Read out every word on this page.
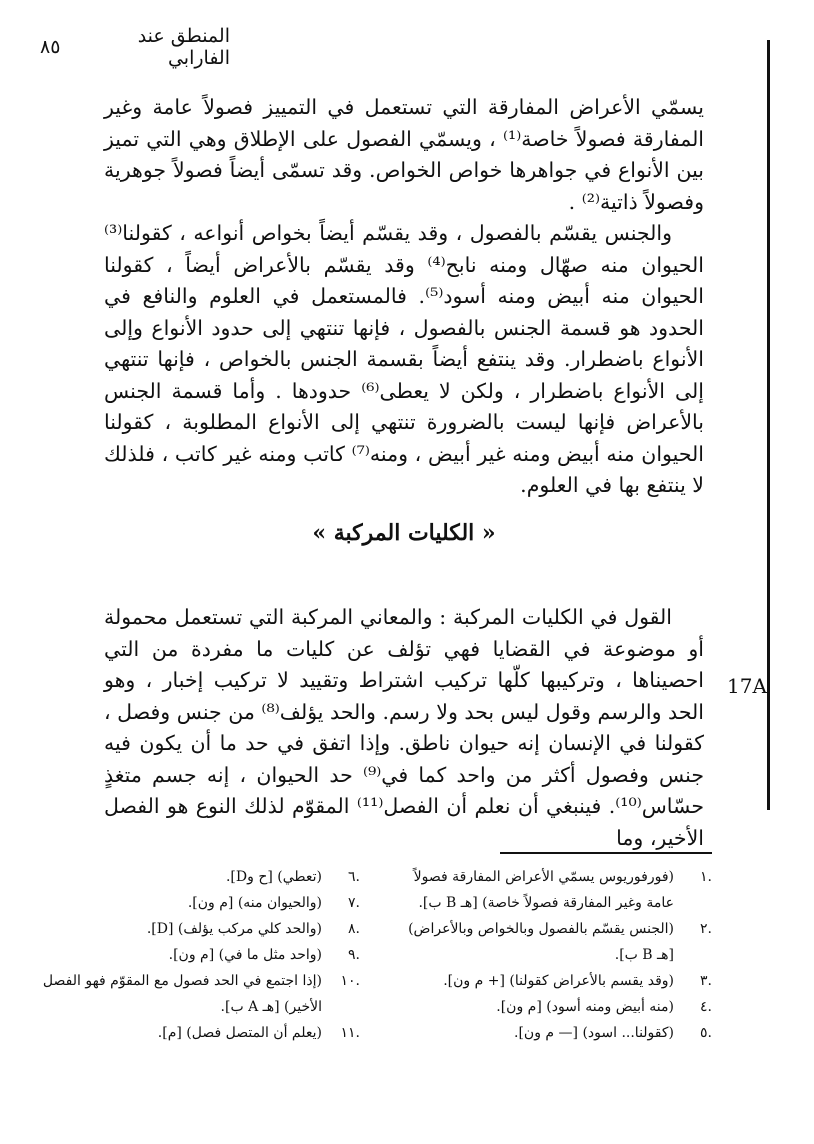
المنطق عند الفارابي
٨٥

يسمّي الأعراض المفارقة التي تستعمل في التمييز فصولاً عامة وغير المفارقة فصولاً خاصة⁽¹⁾ ، ويسمّي الفصول على الإطلاق وهي التي تميز بين الأنواع في جواهرها خواص الخواص. وقد تسمّى أيضاً فصولاً جوهرية وفصولاً ذاتية⁽²⁾ .

والجنس يقسّم بالفصول ، وقد يقسّم أيضاً بخواص أنواعه ، كقولنا⁽³⁾ الحيوان منه صهّال ومنه نابح⁽⁴⁾ وقد يقسّم بالأعراض أيضاً ، كقولنا الحيوان منه أبيض ومنه أسود⁽⁵⁾. فالمستعمل في العلوم والنافع في الحدود هو قسمة الجنس بالفصول ، فإنها تنتهي إلى حدود الأنواع وإلى الأنواع باضطرار. وقد ينتفع أيضاً بقسمة الجنس بالخواص ، فإنها تنتهي إلى الأنواع باضطرار ، ولكن لا يعطى⁽⁶⁾ حدودها . وأما قسمة الجنس بالأعراض فإنها ليست بالضرورة تنتهي إلى الأنواع المطلوبة ، كقولنا الحيوان منه أبيض ومنه غير أبيض ، ومنه⁽⁷⁾ كاتب ومنه غير كاتب ، فلذلك لا ينتفع بها في العلوم.

« الكليات المركبة »

القول في الكليات المركبة : والمعاني المركبة التي تستعمل محمولة أو موضوعة في القضايا فهي تؤلف عن كليات ما مفردة من التي احصيناها ، وتركيبها كلّها تركيب اشتراط وتقييد لا تركيب إخبار ، وهو الحد والرسم وقول ليس بحد ولا رسم. والحد يؤلف⁽⁸⁾ من جنس وفصل ، كقولنا في الإنسان إنه حيوان ناطق. وإذا اتفق في حد ما أن يكون فيه جنس وفصول أكثر من واحد كما في⁽⁹⁾ حد الحيوان ، إنه جسم متغذٍ حسّاس⁽¹⁰⁾. فينبغي أن نعلم أن الفصل⁽¹¹⁾ المقوّم لذلك النوع هو الفصل الأخير، وما

17A
.١
(فورفوريوس يسمّي الأعراض المفارقة فصولاً عامة وغير المفارقة فصولاً خاصة) [هـ B ب].
.٢
(الجنس يقسّم بالفصول وبالخواص وبالأعراض) [هـ B ب].
.٣
(وقد يقسم بالأعراض كقولنا) [+ م ون].
.٤
(منه أبيض ومنه أسود) [م ون].
.٥
(كقولنا... اسود) [— م ون].
.٦
(تعطي) [ح وD].
.٧
(والحيوان منه) [م ون].
.٨
(والحد كلي مركب يؤلف) [D].
.٩
(واحد مثل ما في) [م ون].
.١٠
(إذا اجتمع في الحد فصول مع المقوّم فهو الفصل الأخير) [هـ A ب].
.١١
(يعلم أن المتصل فصل) [م].
